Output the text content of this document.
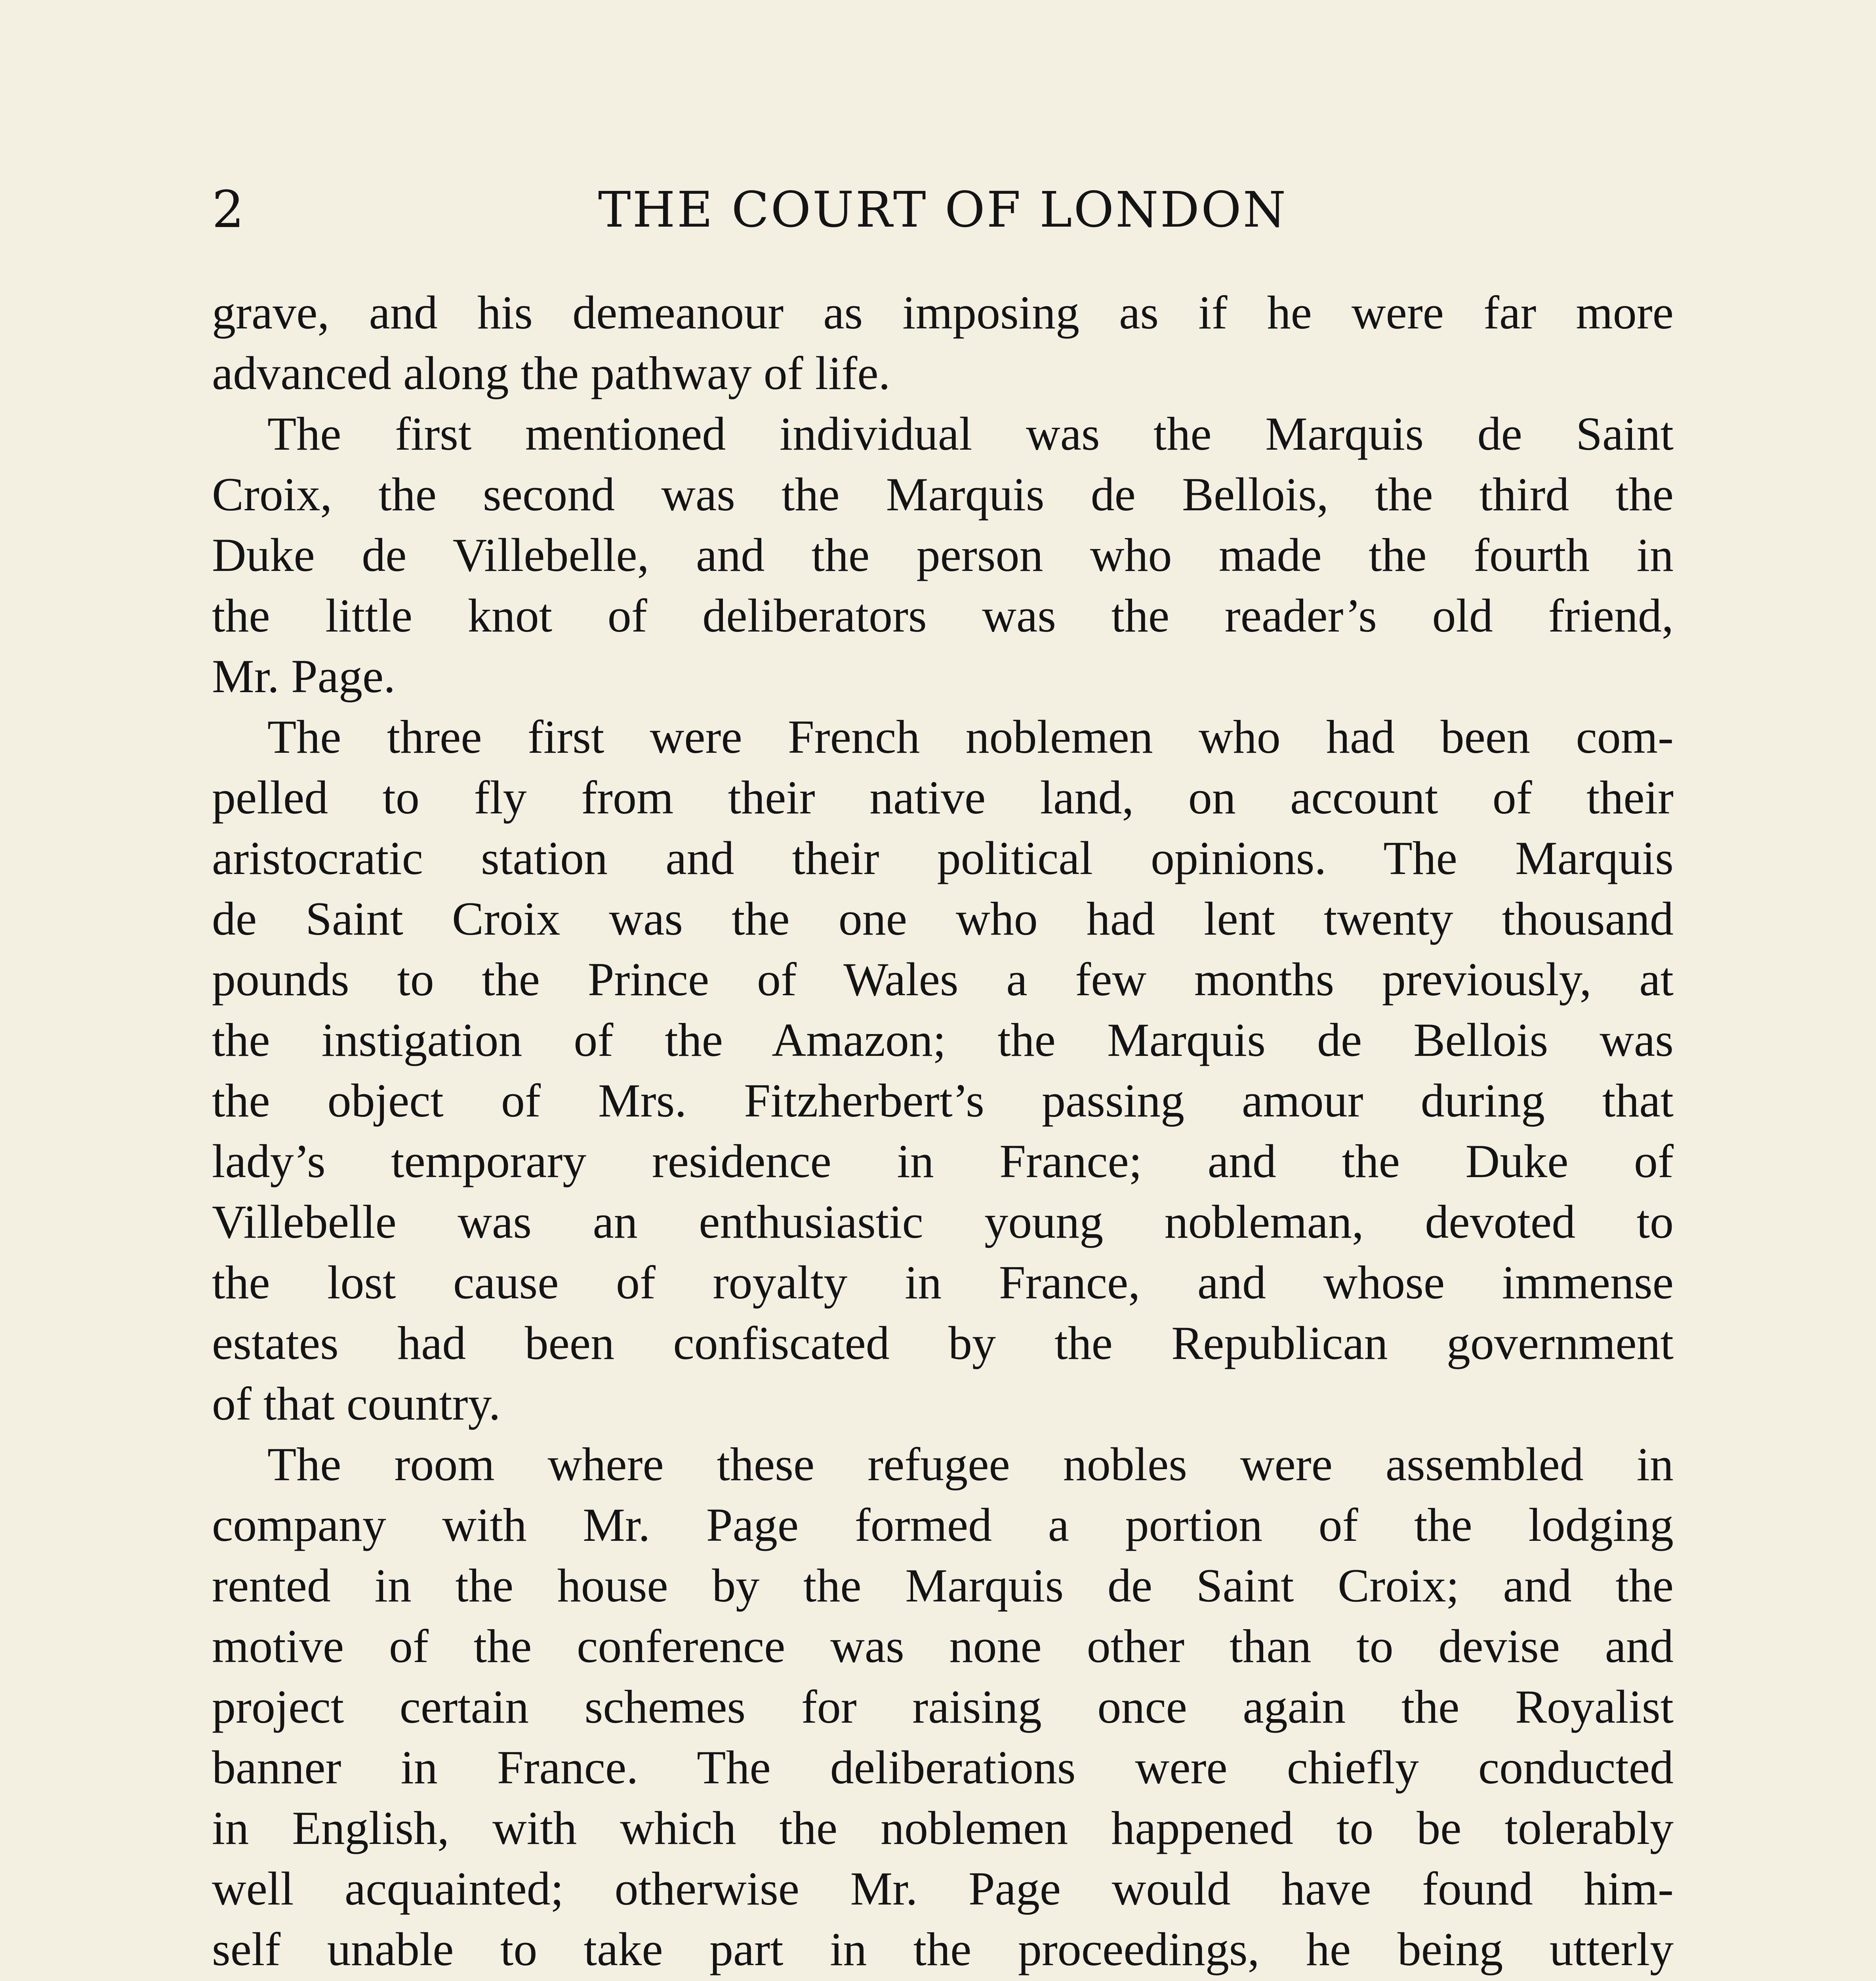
2	THE COURT OF LONDON
grave, and his demeanour as imposing as if he were far more
advanced along the pathway of life.
The first mentioned individual was the Marquis de Saint
Croix, the second was the Marquis de Bellois, the third the
Duke de Villebelle, and the person who made the fourth in
the little knot of deliberators was the reader’s old friend,
Mr. Page.
The three first were French noblemen who had been com-
pelled to fly from their native land, on account of their
aristocratic station and their political opinions. The Marquis
de Saint Croix was the one who had lent twenty thousand
pounds to the Prince of Wales a few months previously, at
the instigation of the Amazon; the Marquis de Bellois was
the object of Mrs. Fitzherbert’s passing amour during that
lady’s temporary residence in France; and the Duke of
Villebelle was an enthusiastic young nobleman, devoted to
the lost cause of royalty in France, and whose immense
estates had been confiscated by the Republican government
of that country.
The room where these refugee nobles were assembled in
company with Mr. Page formed a portion of the lodging
rented in the house by the Marquis de Saint Croix; and the
motive of the conference was none other than to devise and
project certain schemes for raising once again the Royalist
banner in France. The deliberations were chiefly conducted
in English, with which the noblemen happened to be tolerably
well acquainted; otherwise Mr. Page would have found him-
self unable to take part in the proceedings, he being utterly
